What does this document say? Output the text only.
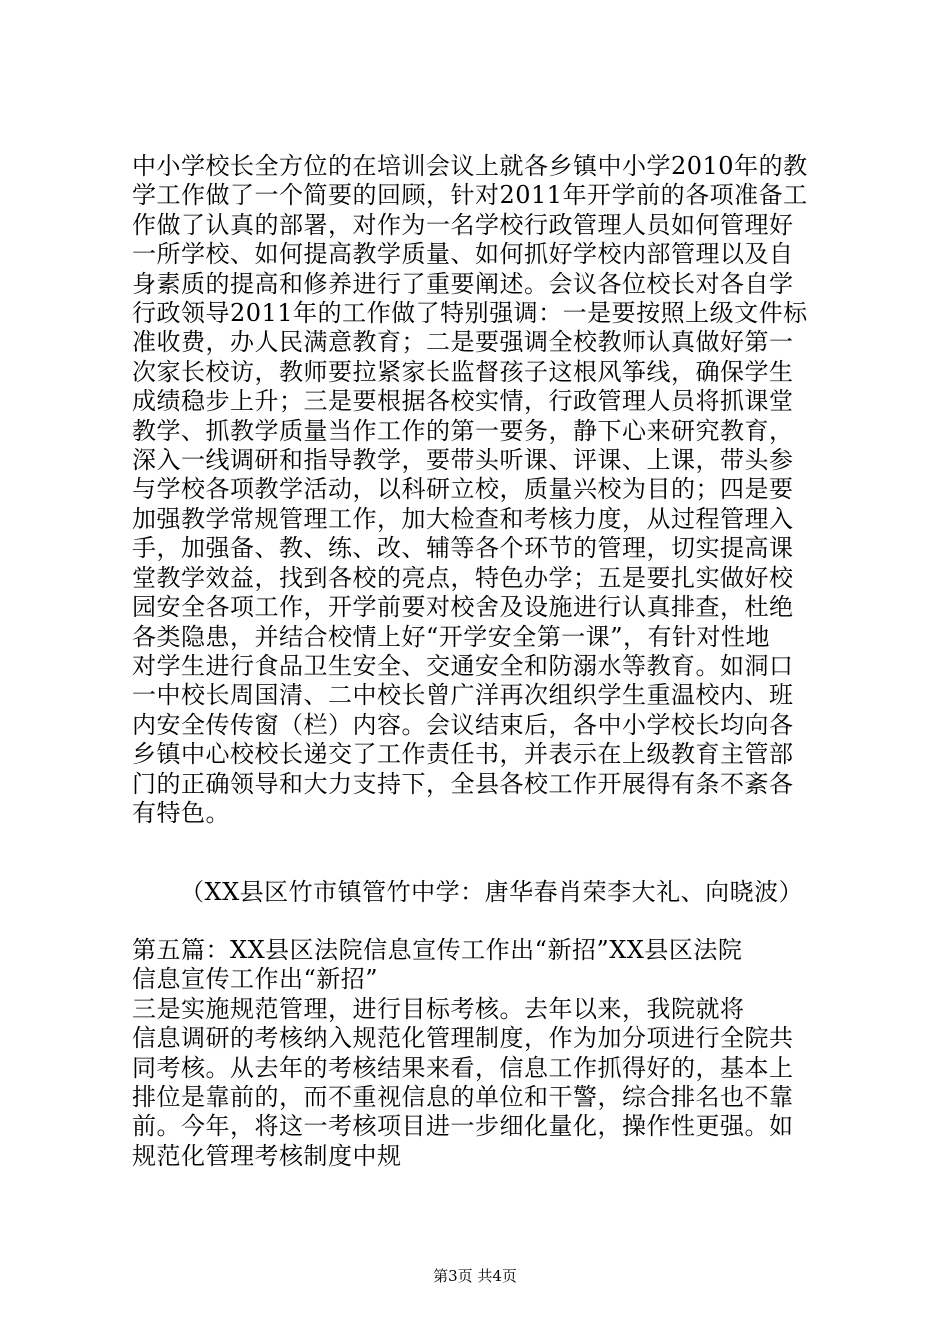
中小学校长全方位的在培训会议上就各乡镇中小学2010年的教
学工作做了一个简要的回顾，针对2011年开学前的各项准备工
作做了认真的部署，对作为一名学校行政管理人员如何管理好
一所学校、如何提高教学质量、如何抓好学校内部管理以及自
身素质的提高和修养进行了重要阐述。会议各位校长对各自学
行政领导2011年的工作做了特别强调：一是要按照上级文件标
准收费，办人民满意教育；二是要强调全校教师认真做好第一
次家长校访，教师要拉紧家长监督孩子这根风筝线，确保学生
成绩稳步上升；三是要根据各校实情，行政管理人员将抓课堂
教学、抓教学质量当作工作的第一要务，静下心来研究教育，
深入一线调研和指导教学，要带头听课、评课、上课，带头参
与学校各项教学活动，以科研立校，质量兴校为目的；四是要
加强教学常规管理工作，加大检查和考核力度，从过程管理入
手，加强备、教、练、改、辅等各个环节的管理，切实提高课
堂教学效益，找到各校的亮点，特色办学；五是要扎实做好校
园安全各项工作，开学前要对校舍及设施进行认真排查，杜绝
各类隐患，并结合校情上好“开学安全第一课”，有针对性地
对学生进行食品卫生安全、交通安全和防溺水等教育。如洞口
一中校长周国清、二中校长曾广洋再次组织学生重温校内、班
内安全传传窗（栏）内容。会议结束后，各中小学校长均向各
乡镇中心校校长递交了工作责任书，并表示在上级教育主管部
门的正确领导和大力支持下，全县各校工作开展得有条不紊各
有特色。
（XX县区竹市镇管竹中学：唐华春肖荣李大礼、向晓波）
第五篇：XX县区法院信息宣传工作出“新招”XX县区法院
信息宣传工作出“新招”
三是实施规范管理，进行目标考核。去年以来，我院就将
信息调研的考核纳入规范化管理制度，作为加分项进行全院共
同考核。从去年的考核结果来看，信息工作抓得好的，基本上
排位是靠前的，而不重视信息的单位和干警，综合排名也不靠
前。今年，将这一考核项目进一步细化量化，操作性更强。如
规范化管理考核制度中规
第3页 共4页
